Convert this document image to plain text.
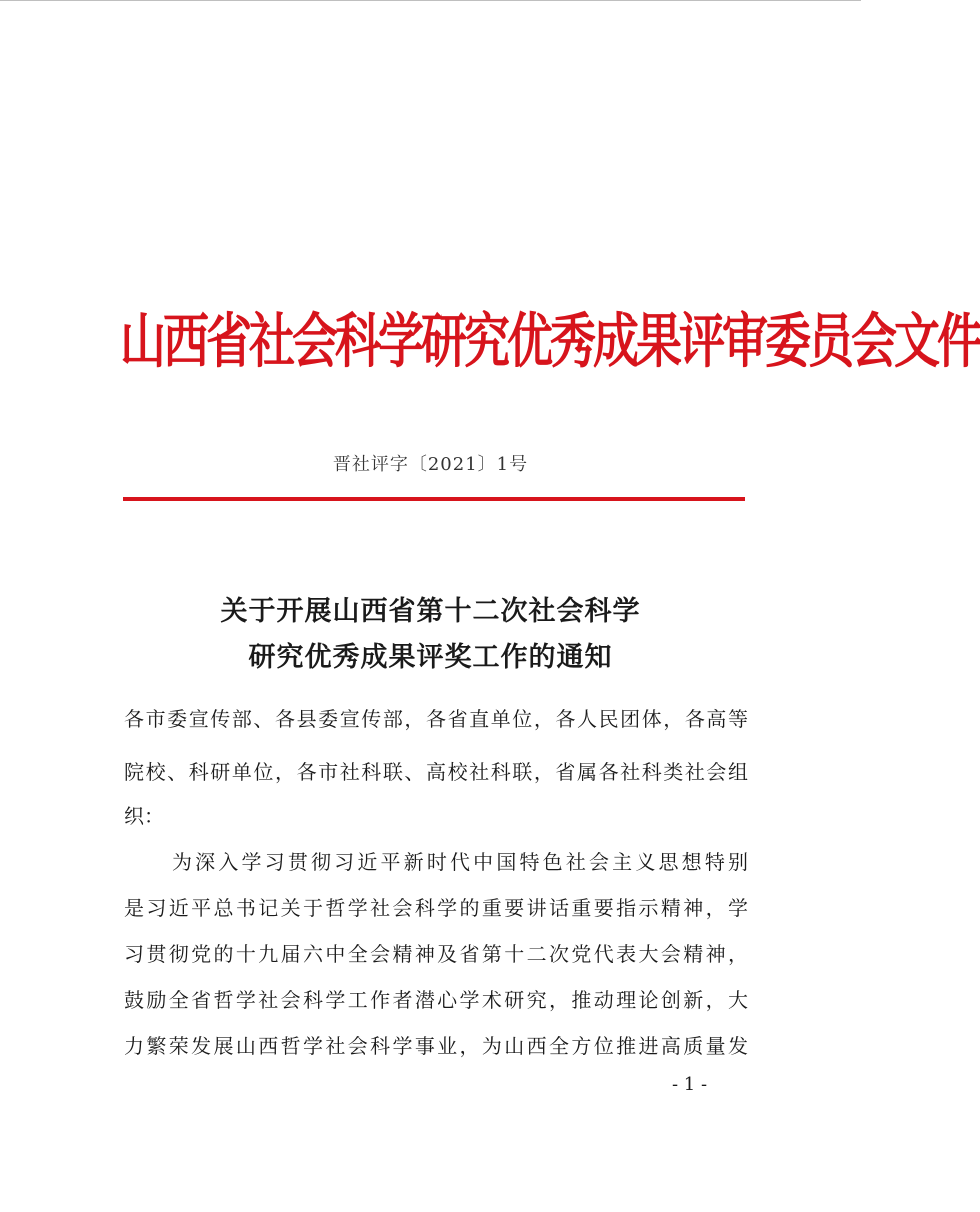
山西省社会科学研究优秀成果评审委员会文件
晋社评字〔2021〕1号
关于开展山西省第十二次社会科学
研究优秀成果评奖工作的通知
各市委宣传部、各县委宣传部，各省直单位，各人民团体，各高等
院校、科研单位，各市社科联、高校社科联，省属各社科类社会组
织：
为深入学习贯彻习近平新时代中国特色社会主义思想特别
是习近平总书记关于哲学社会科学的重要讲话重要指示精神，学
习贯彻党的十九届六中全会精神及省第十二次党代表大会精神，
鼓励全省哲学社会科学工作者潜心学术研究，推动理论创新，大
力繁荣发展山西哲学社会科学事业，为山西全方位推进高质量发
- 1 -
